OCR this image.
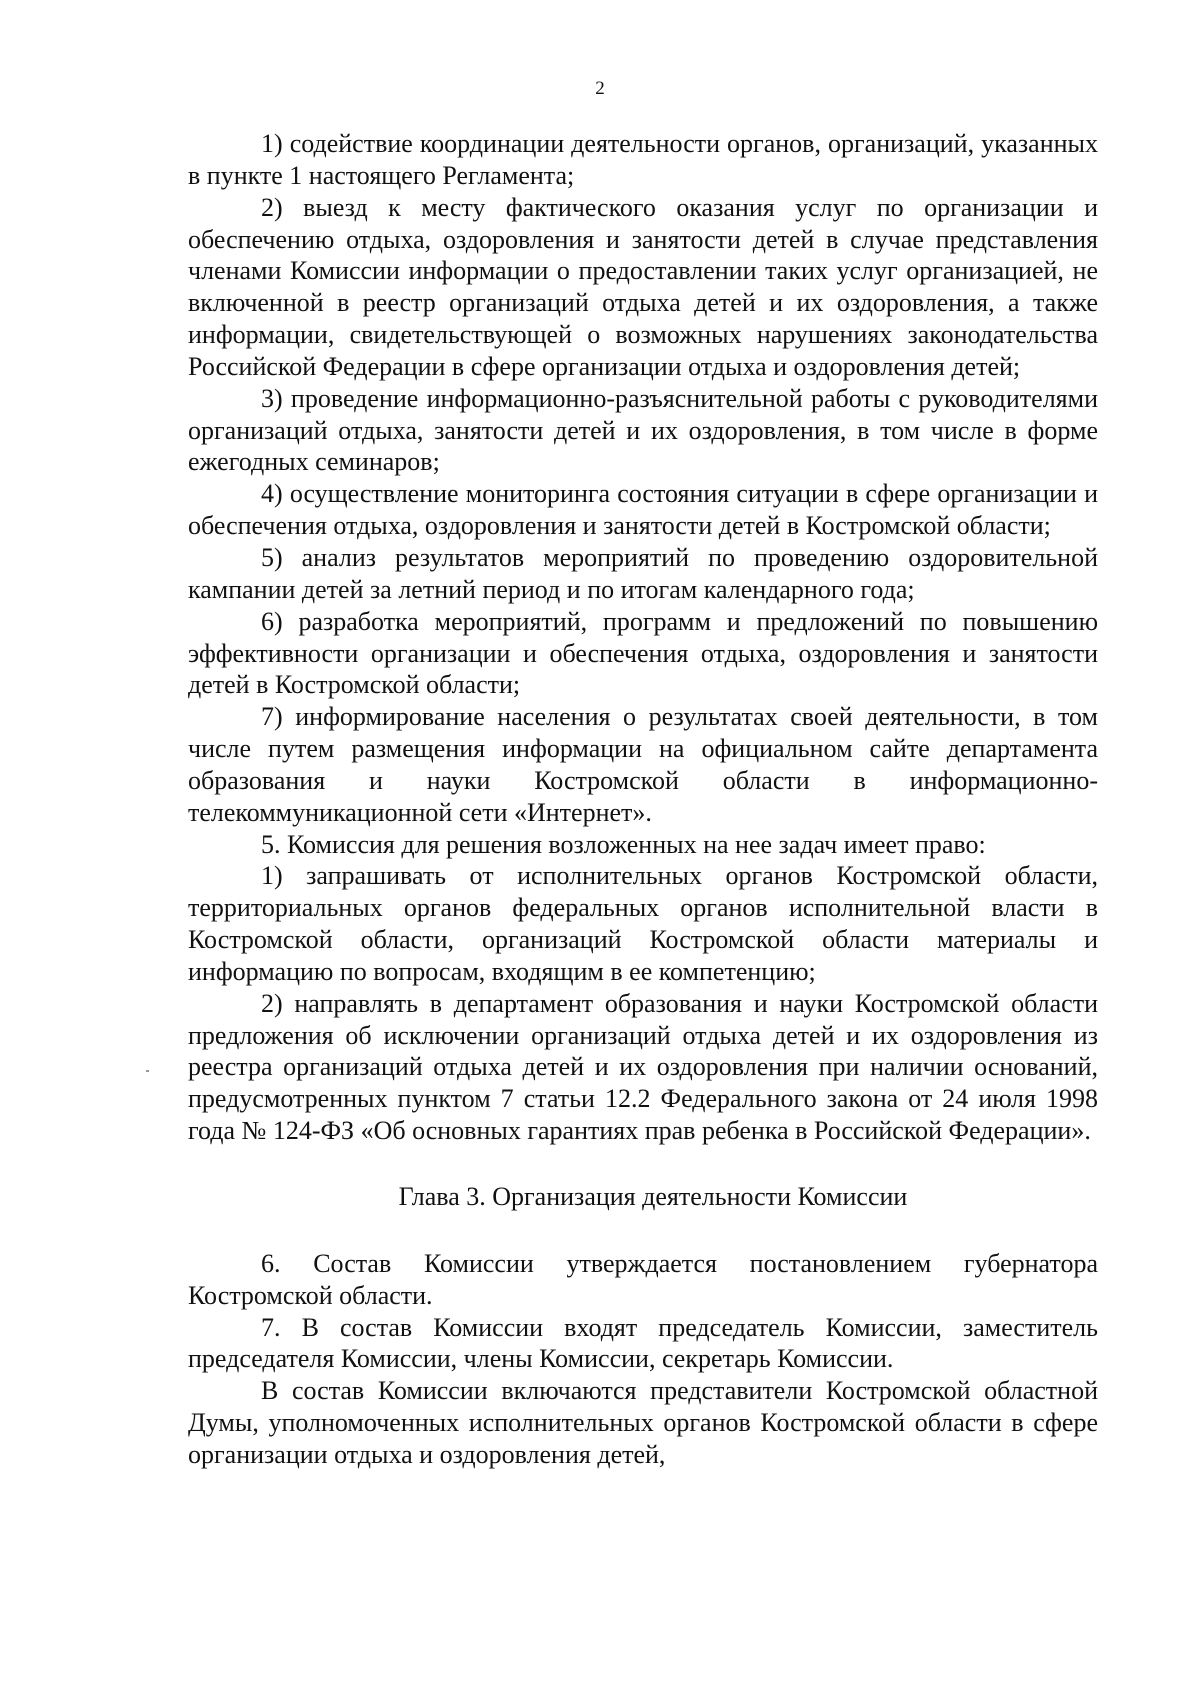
2

1) содействие координации деятельности органов, организаций, указанных в пункте 1 настоящего Регламента;

2) выезд к месту фактического оказания услуг по организации и обеспечению отдыха, оздоровления и занятости детей в случае представления членами Комиссии информации о предоставлении таких услуг организацией, не включенной в реестр организаций отдыха детей и их оздоровления, а также информации, свидетельствующей о возможных нарушениях законодательства Российской Федерации в сфере организации отдыха и оздоровления детей;

3) проведение информационно-разъяснительной работы с руководителями организаций отдыха, занятости детей и их оздоровления, в том числе в форме ежегодных семинаров;

4) осуществление мониторинга состояния ситуации в сфере организации и обеспечения отдыха, оздоровления и занятости детей в Костромской области;

5) анализ результатов мероприятий по проведению оздоровительной кампании детей за летний период и по итогам календарного года;

6) разработка мероприятий, программ и предложений по повышению эффективности организации и обеспечения отдыха, оздоровления и занятости детей в Костромской области;

7) информирование населения о результатах своей деятельности, в том числе путем размещения информации на официальном сайте департамента образования и науки Костромской области в информационно-телекоммуникационной сети «Интернет».

5. Комиссия для решения возложенных на нее задач имеет право:

1) запрашивать от исполнительных органов Костромской области, территориальных органов федеральных органов исполнительной власти в Костромской области, организаций Костромской области материалы и информацию по вопросам, входящим в ее компетенцию;

2) направлять в департамент образования и науки Костромской области предложения об исключении организаций отдыха детей и их оздоровления из реестра организаций отдыха детей и их оздоровления при наличии оснований, предусмотренных пунктом 7 статьи 12.2 Федерального закона от 24 июля 1998 года № 124-ФЗ «Об основных гарантиях прав ребенка в Российской Федерации».

Глава 3. Организация деятельности Комиссии

6. Состав Комиссии утверждается постановлением губернатора Костромской области.

7. В состав Комиссии входят председатель Комиссии, заместитель председателя Комиссии, члены Комиссии, секретарь Комиссии.

В состав Комиссии включаются представители Костромской областной Думы, уполномоченных исполнительных органов Костромской области в сфере организации отдыха и оздоровления детей,
